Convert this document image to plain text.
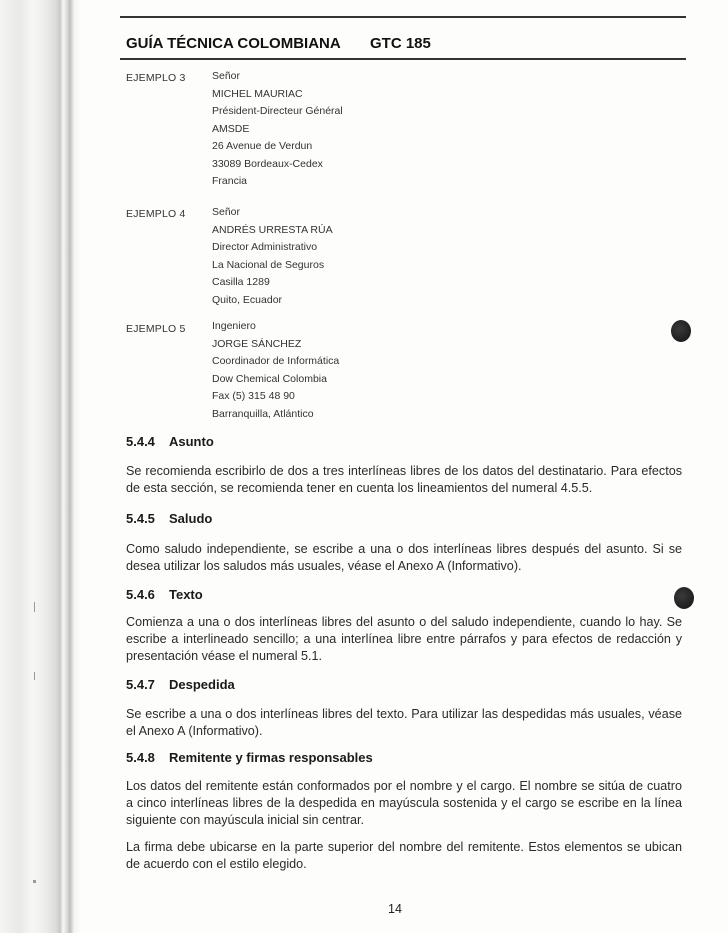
GUÍA TÉCNICA COLOMBIANA GTC 185
EJEMPLO 3	Señor
MICHEL MAURIAC
Président-Directeur Général
AMSDE
26 Avenue de Verdun
33089 Bordeaux-Cedex
Francia
EJEMPLO 4	Señor
ANDRÉS URRESTA RÚA
Director Administrativo
La Nacional de Seguros
Casilla 1289
Quito, Ecuador
EJEMPLO 5	Ingeniero
JORGE SÁNCHEZ
Coordinador de Informática
Dow Chemical Colombia
Fax (5) 315 48 90
Barranquilla, Atlántico
5.4.4 Asunto
Se recomienda escribirlo de dos a tres interlíneas libres de los datos del destinatario. Para efectos de esta sección, se recomienda tener en cuenta los lineamientos del numeral 4.5.5.
5.4.5 Saludo
Como saludo independiente, se escribe a una o dos interlíneas libres después del asunto. Si se desea utilizar los saludos más usuales, véase el Anexo A (Informativo).
5.4.6 Texto
Comienza a una o dos interlíneas libres del asunto o del saludo independiente, cuando lo hay. Se escribe a interlineado sencillo; a una interlínea libre entre párrafos y para efectos de redacción y presentación véase el numeral 5.1.
5.4.7 Despedida
Se escribe a una o dos interlíneas libres del texto. Para utilizar las despedidas más usuales, véase el Anexo A (Informativo).
5.4.8 Remitente y firmas responsables
Los datos del remitente están conformados por el nombre y el cargo. El nombre se sitúa de cuatro a cinco interlíneas libres de la despedida en mayúscula sostenida y el cargo se escribe en la línea siguiente con mayúscula inicial sin centrar.
La firma debe ubicarse en la parte superior del nombre del remitente. Estos elementos se ubican de acuerdo con el estilo elegido.
14
